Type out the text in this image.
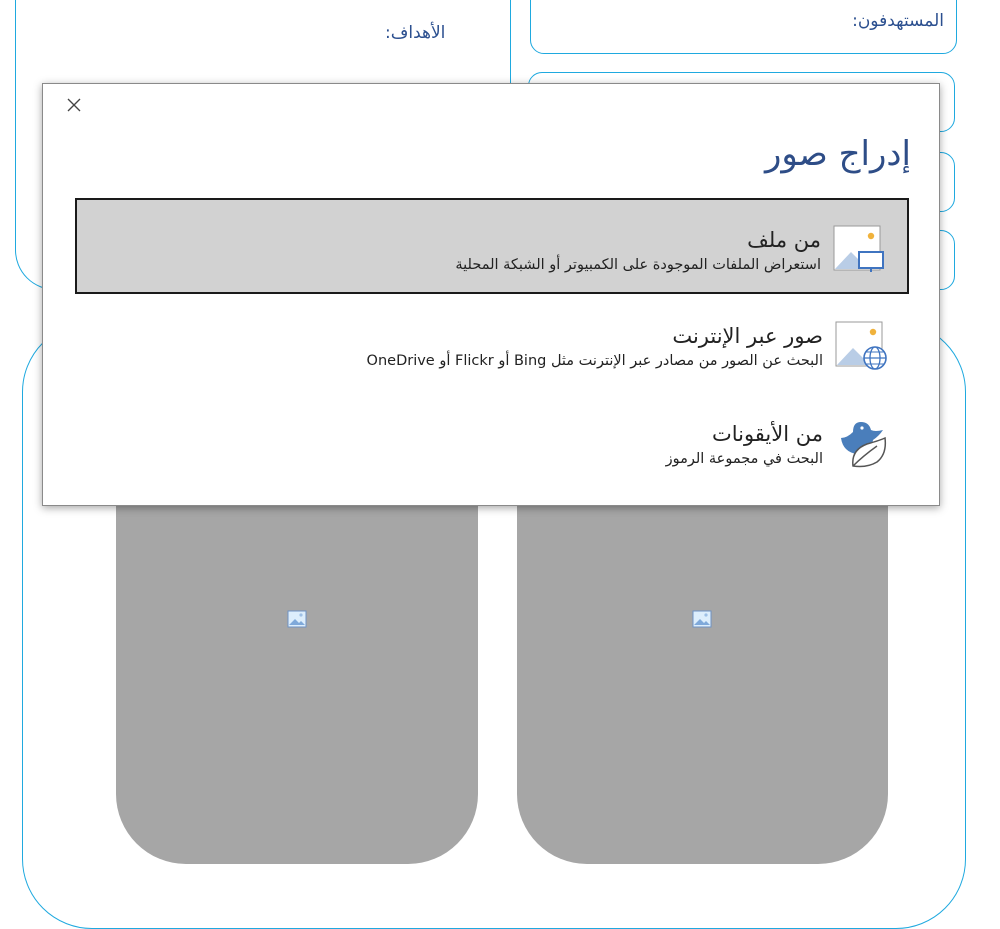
المستهدفون:
الأهداف:
إدراج صور
من ملف
استعراض الملفات الموجودة على الكمبيوتر أو الشبكة المحلية
صور عبر الإنترنت
البحث عن الصور من مصادر عبر الإنترنت مثل Bing أو Flickr أو OneDrive
من الأيقونات
البحث في مجموعة الرموز
